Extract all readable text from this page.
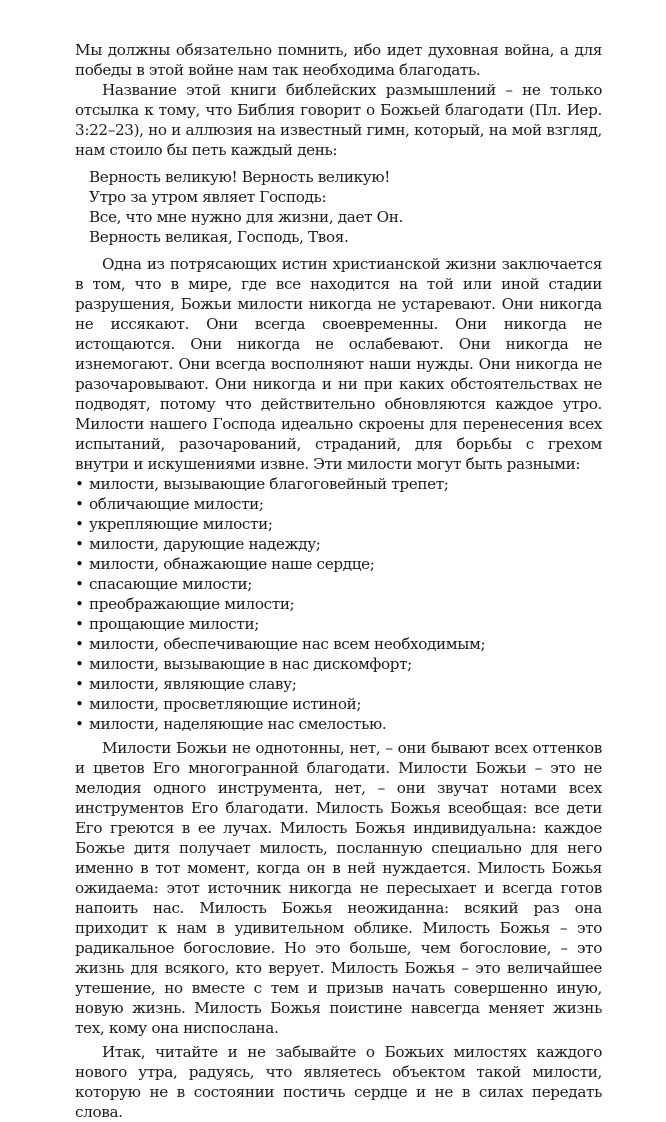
Мы должны обязательно помнить, ибо идет духовная война, а для победы в этой войне нам так необходима благодать.

Название этой книги библейских размышлений – не только отсылка к тому, что Библия говорит о Божьей благодати (Пл. Иер. 3:22–23), но и аллюзия на известный гимн, который, на мой взгляд, нам стоило бы петь каждый день:

Верность великую! Верность великую!
Утро за утром являет Господь:
Все, что мне нужно для жизни, дает Он.
Верность великая, Господь, Твоя.

Одна из потрясающих истин христианской жизни заключается в том, что в мире, где все находится на той или иной стадии разрушения, Божьи милости никогда не устаревают. Они никогда не иссякают. Они всегда своевременны. Они никогда не истощаются. Они никогда не ослабевают. Они никогда не изнемогают. Они всегда восполняют наши нужды. Они никогда не разочаровывают. Они никогда и ни при каких обстоятельствах не подводят, потому что действительно обновляются каждое утро. Милости нашего Господа идеально скроены для перенесения всех испытаний, разочарований, страданий, для борьбы с грехом внутри и искушениями извне. Эти милости могут быть разными:

• милости, вызывающие благоговейный трепет;
• обличающие милости;
• укрепляющие милости;
• милости, дарующие надежду;
• милости, обнажающие наше сердце;
• спасающие милости;
• преображающие милости;
• прощающие милости;
• милости, обеспечивающие нас всем необходимым;
• милости, вызывающие в нас дискомфорт;
• милости, являющие славу;
• милости, просветляющие истиной;
• милости, наделяющие нас смелостью.

Милости Божьи не однотонны, нет, – они бывают всех оттенков и цветов Его многогранной благодати. Милости Божьи – это не мелодия одного инструмента, нет, – они звучат нотами всех инструментов Его благодати. Милость Божья всеобщая: все дети Его греются в ее лучах. Милость Божья индивидуальна: каждое Божье дитя получает милость, посланную специально для него именно в тот момент, когда он в ней нуждается. Милость Божья ожидаема: этот источник никогда не пересыхает и всегда готов напоить нас. Милость Божья неожиданна: всякий раз она приходит к нам в удивительном облике. Милость Божья – это радикальное богословие. Но это больше, чем богословие, – это жизнь для всякого, кто верует. Милость Божья – это величайшее утешение, но вместе с тем и призыв начать совершенно иную, новую жизнь. Милость Божья поистине навсегда меняет жизнь тех, кому она ниспослана.

Итак, читайте и не забывайте о Божьих милостях каждого нового утра, радуясь, что являетесь объектом такой милости, которую не в состоянии постичь сердце и не в силах передать слова.
